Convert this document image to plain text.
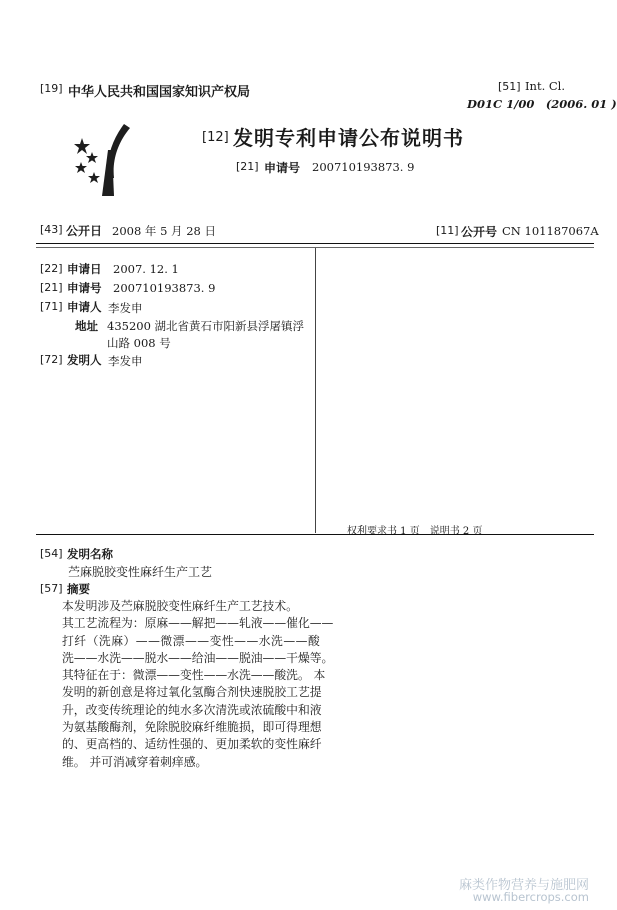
[19] 中华人民共和国国家知识产权局	[51] Int. Cl.
D01C 1/00　(2006. 01 )
[12] 发明专利申请公布说明书
[21] 申请号 200710193873. 9
[43] 公开日 2008 年 5 月 28 日	[11] 公开号 CN 101187067A
[22] 申请日 2007. 12. 1
[21] 申请号 200710193873. 9
[71] 申请人 李发申
地址 435200 湖北省黄石市阳新县浮屠镇浮
山路 008 号
[72] 发明人 李发申
权利要求书 1 页　说明书 2 页
[54] 发明名称
苎麻脱胶变性麻纤生产工艺
[57] 摘要
本发明涉及苎麻脱胶变性麻纤生产工艺技术。
其工艺流程为：原麻——解把——轧液——催化——
打纤（洗麻）——微漂——变性——水洗——酸
洗——水洗——脱水——给油——脱油——干燥等。
其特征在于：微漂——变性——水洗——酸洗。 本
发明的新创意是将过氧化氢酶合剂快速脱胶工艺提
升，改变传统理论的纯水多次清洗或浓硫酸中和液
为氨基酸酶剂，免除脱胶麻纤维脆损，即可得理想
的、更高档的、适纺性强的、更加柔软的变性麻纤
维。 并可消减穿着刺痒感。
麻类作物营养与施肥网
www.fibercrops.com
